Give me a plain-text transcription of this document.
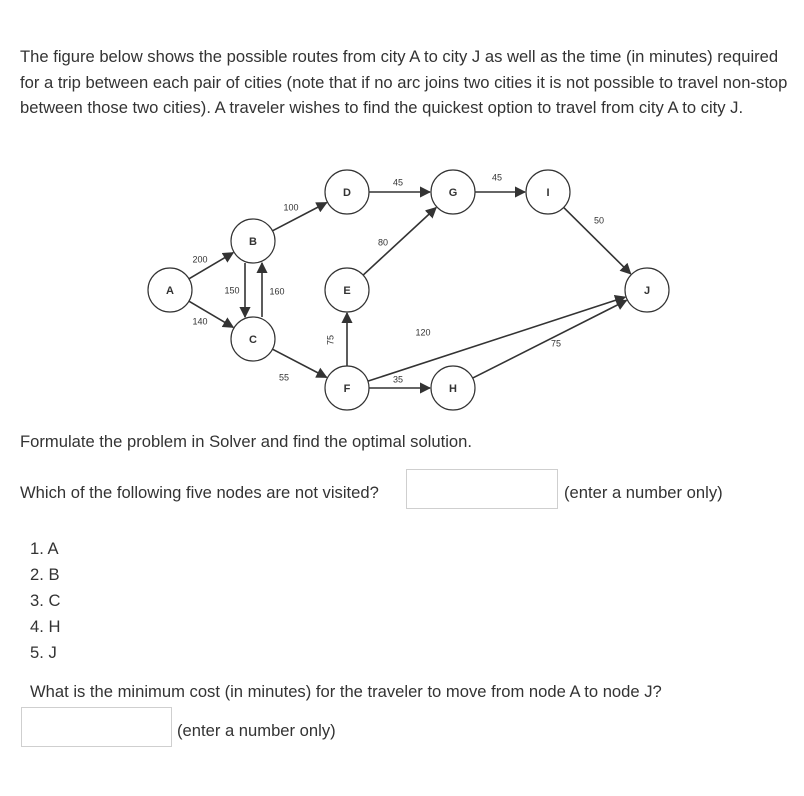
The figure below shows the possible routes from city A to city J as well as the time (in minutes) required for a trip between each pair of cities (note that if no arc joins two cities it is not possible to travel non-stop between those two cities). A traveler wishes to find the quickest option to travel from city A to city J.

200
140
150	160
100
55
45
80
75
35
120
45
50
75
A
B
C
D
E
F
G
H
I
J

Formulate the problem in Solver and find the optimal solution.

Which of the following five nodes are not visited?	(enter a number only)
1. A
2. B
3. C
4. H
5. J

What is the minimum cost (in minutes) for the traveler to move from node A to node J?

(enter a number only)
